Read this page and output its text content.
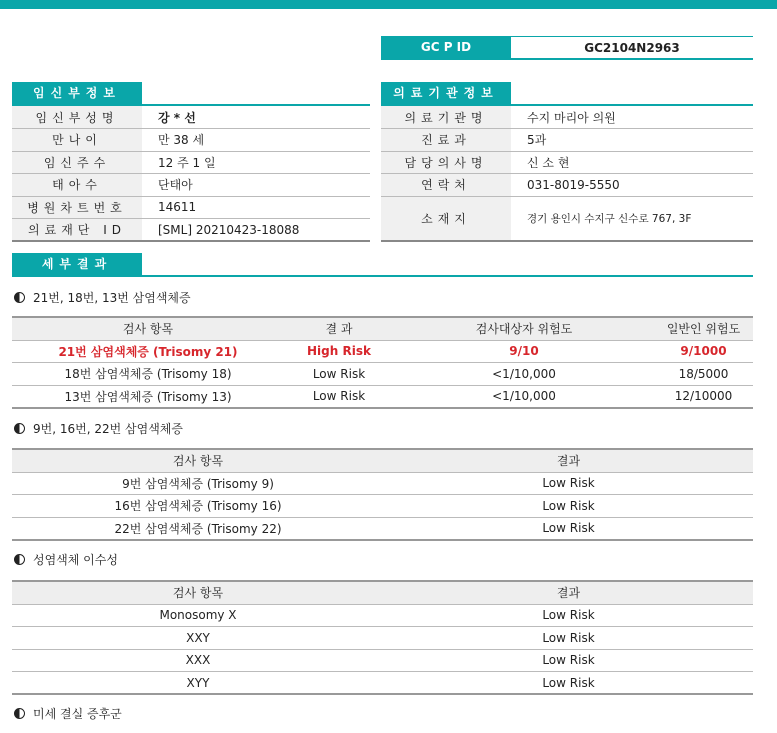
GC P ID	GC2104N2963
임신부정보
임신부성명	강 * 선
만나이	만 38 세
임신주수	12 주 1 일
태아수	단태아
병원차트번호	14611
의료재단 ID	[SML] 20210423-18088
의료기관정보
의료기관명	수지 마리아 의원
진료과	5과
담당의사명	신 소 현
연락처	031-8019-5550
소재지	경기 용인시 수지구 신수로 767, 3F
세부결과
21번, 18번, 13번 삼염색체증
검사 항목	결 과	검사대상자 위험도	일반인 위험도
21번 삼염색체증 (Trisomy 21)	High Risk	9/10	9/1000
18번 삼염색체증 (Trisomy 18)	Low Risk	<1/10,000	18/5000
13번 삼염색체증 (Trisomy 13)	Low Risk	<1/10,000	12/10000
9번, 16번, 22번 삼염색체증
검사 항목	결과
9번 삼염색체증 (Trisomy 9)	Low Risk
16번 삼염색체증 (Trisomy 16)	Low Risk
22번 삼염색체증 (Trisomy 22)	Low Risk
성염색체 이수성
검사 항목	결과
Monosomy X	Low Risk
XXY	Low Risk
XXX	Low Risk
XYY	Low Risk
미세 결실 증후군
